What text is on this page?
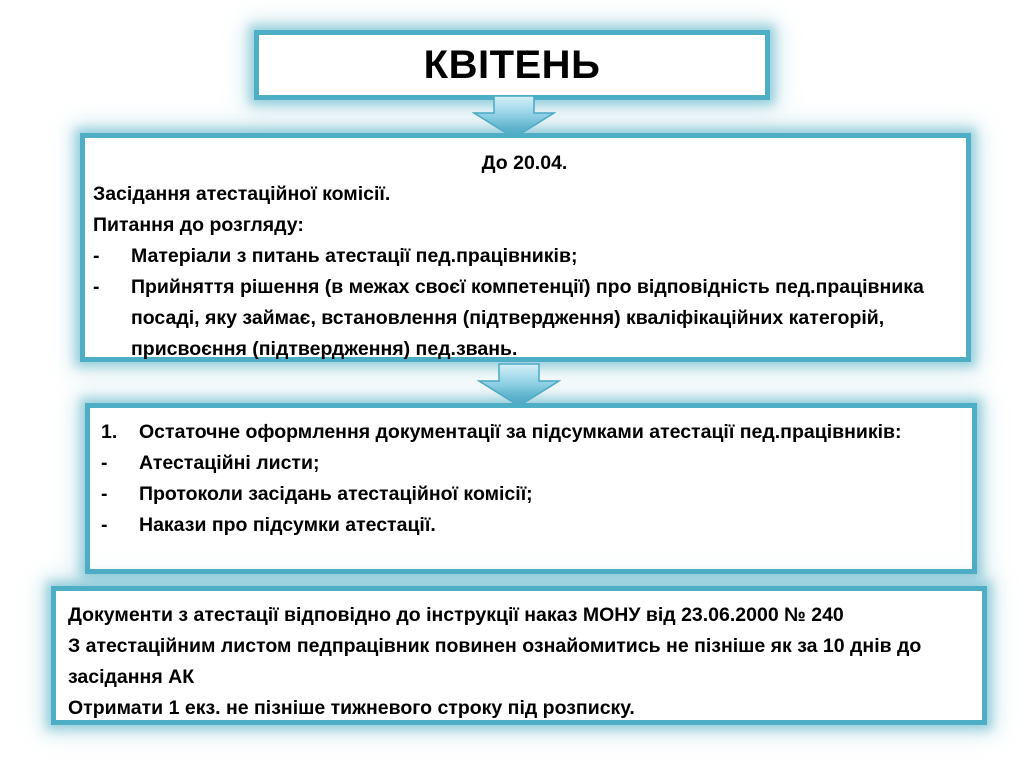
КВІТЕНЬ
До 20.04.
Засідання атестаційної комісії.
Питання до розгляду:
-	Матеріали з питань атестації пед.працівників;
-	Прийняття рішення (в межах своєї компетенції) про відповідність пед.працівника посаді, яку займає, встановлення (підтвердження) кваліфікаційних категорій, присвоєння (підтвердження) пед.звань.
1.	Остаточне оформлення документації за підсумками атестації пед.працівників:
-	Атестаційні листи;
-	Протоколи засідань атестаційної комісії;
-	Накази про підсумки атестації.
Документи з атестації відповідно до інструкції наказ МОНУ від 23.06.2000 № 240
З атестаційним листом педпрацівник повинен ознайомитись не пізніше як за 10 днів до засідання АК
Отримати 1 екз. не пізніше тижневого строку під розписку.
